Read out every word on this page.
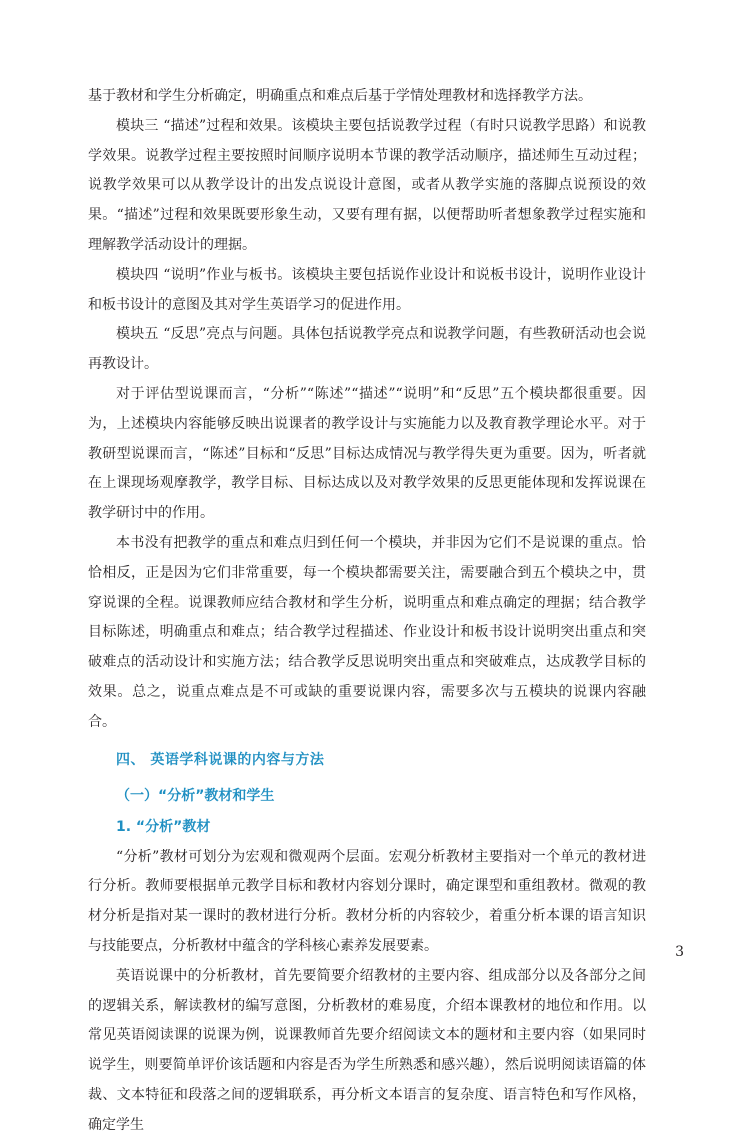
基于教材和学生分析确定，明确重点和难点后基于学情处理教材和选择教学方法。

模块三 “描述”过程和效果。该模块主要包括说教学过程（有时只说教学思路）和说教学效果。说教学过程主要按照时间顺序说明本节课的教学活动顺序，描述师生互动过程；说教学效果可以从教学设计的出发点说设计意图，或者从教学实施的落脚点说预设的效果。“描述”过程和效果既要形象生动，又要有理有据，以便帮助听者想象教学过程实施和理解教学活动设计的理据。

模块四 “说明”作业与板书。该模块主要包括说作业设计和说板书设计，说明作业设计和板书设计的意图及其对学生英语学习的促进作用。

模块五 “反思”亮点与问题。具体包括说教学亮点和说教学问题，有些教研活动也会说再教设计。

对于评估型说课而言，“分析”“陈述”“描述”“说明”和“反思”五个模块都很重要。因为，上述模块内容能够反映出说课者的教学设计与实施能力以及教育教学理论水平。对于教研型说课而言，“陈述”目标和“反思”目标达成情况与教学得失更为重要。因为，听者就在上课现场观摩教学，教学目标、目标达成以及对教学效果的反思更能体现和发挥说课在教学研讨中的作用。

本书没有把教学的重点和难点归到任何一个模块，并非因为它们不是说课的重点。恰恰相反，正是因为它们非常重要，每一个模块都需要关注，需要融合到五个模块之中，贯穿说课的全程。说课教师应结合教材和学生分析，说明重点和难点确定的理据；结合教学目标陈述，明确重点和难点；结合教学过程描述、作业设计和板书设计说明突出重点和突破难点的活动设计和实施方法；结合教学反思说明突出重点和突破难点，达成教学目标的效果。总之，说重点难点是不可或缺的重要说课内容，需要多次与五模块的说课内容融合。

四、 英语学科说课的内容与方法
（一）“分析”教材和学生
1. “分析”教材

“分析”教材可划分为宏观和微观两个层面。宏观分析教材主要指对一个单元的教材进行分析。教师要根据单元教学目标和教材内容划分课时，确定课型和重组教材。微观的教材分析是指对某一课时的教材进行分析。教材分析的内容较少，着重分析本课的语言知识与技能要点，分析教材中蕴含的学科核心素养发展要素。

英语说课中的分析教材，首先要简要介绍教材的主要内容、组成部分以及各部分之间的逻辑关系，解读教材的编写意图，分析教材的难易度，介绍本课教材的地位和作用。以常见英语阅读课的说课为例，说课教师首先要介绍阅读文本的题材和主要内容（如果同时说学生，则要简单评价该话题和内容是否为学生所熟悉和感兴趣），然后说明阅读语篇的体裁、文本特征和段落之间的逻辑联系，再分析文本语言的复杂度、语言特色和写作风格，确定学生

3
